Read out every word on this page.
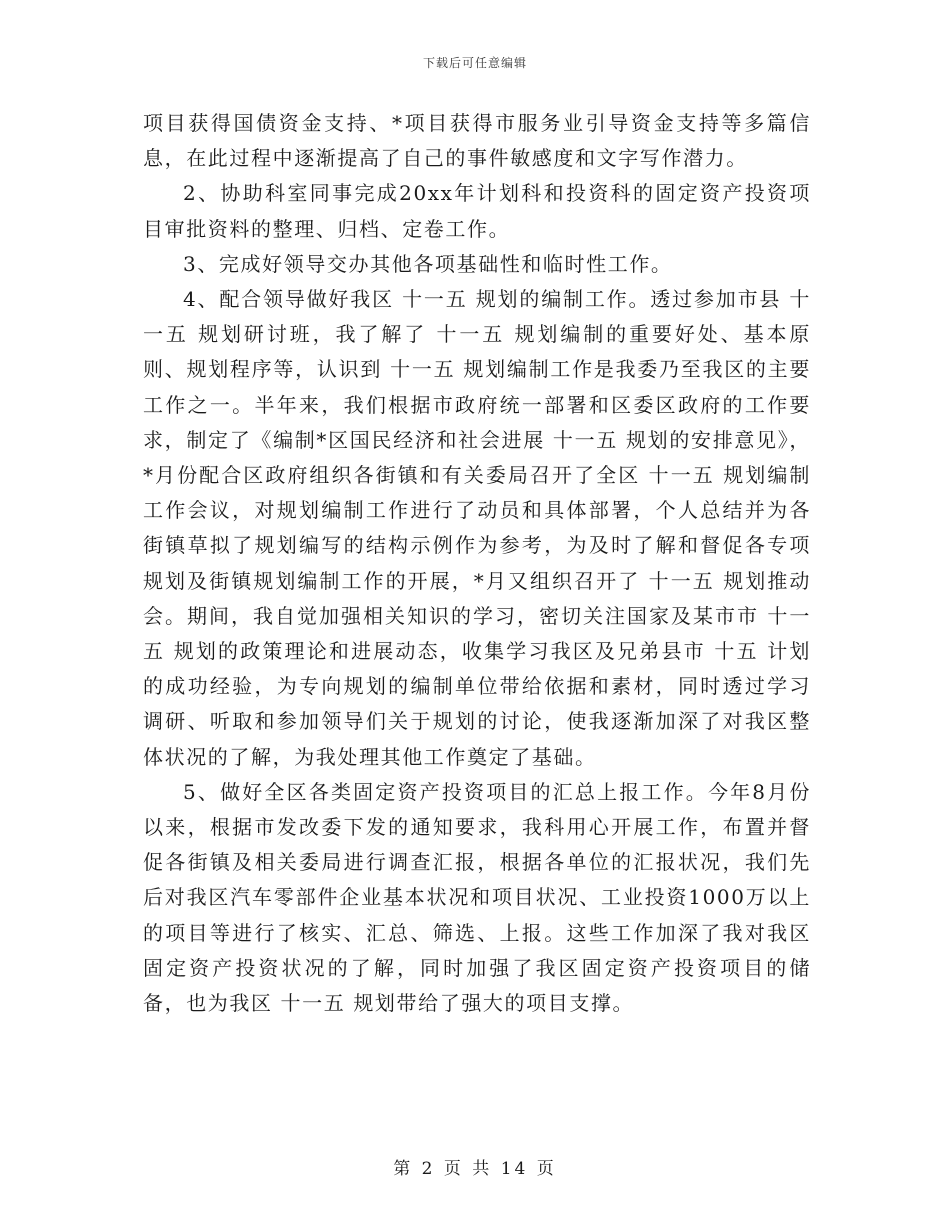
下载后可任意编辑

项目获得国债资金支持、*项目获得市服务业引导资金支持等多篇信息，在此过程中逐渐提高了自己的事件敏感度和文字写作潜力。

2、协助科室同事完成20xx年计划科和投资科的固定资产投资项目审批资料的整理、归档、定卷工作。

3、完成好领导交办其他各项基础性和临时性工作。

4、配合领导做好我区 十一五 规划的编制工作。透过参加市县 十一五 规划研讨班，我了解了 十一五 规划编制的重要好处、基本原则、规划程序等，认识到 十一五 规划编制工作是我委乃至我区的主要工作之一。半年来，我们根据市政府统一部署和区委区政府的工作要求，制定了《编制*区国民经济和社会进展 十一五 规划的安排意见》，*月份配合区政府组织各街镇和有关委局召开了全区 十一五 规划编制工作会议，对规划编制工作进行了动员和具体部署，个人总结并为各街镇草拟了规划编写的结构示例作为参考，为及时了解和督促各专项规划及街镇规划编制工作的开展，*月又组织召开了 十一五 规划推动会。期间，我自觉加强相关知识的学习，密切关注国家及某市市 十一五 规划的政策理论和进展动态，收集学习我区及兄弟县市 十五 计划的成功经验，为专向规划的编制单位带给依据和素材，同时透过学习调研、听取和参加领导们关于规划的讨论，使我逐渐加深了对我区整体状况的了解，为我处理其他工作奠定了基础。

5、做好全区各类固定资产投资项目的汇总上报工作。今年8月份以来，根据市发改委下发的通知要求，我科用心开展工作，布置并督促各街镇及相关委局进行调查汇报，根据各单位的汇报状况，我们先后对我区汽车零部件企业基本状况和项目状况、工业投资1000万以上的项目等进行了核实、汇总、筛选、上报。这些工作加深了我对我区固定资产投资状况的了解，同时加强了我区固定资产投资项目的储备，也为我区 十一五 规划带给了强大的项目支撑。

第 2 页 共 14 页
